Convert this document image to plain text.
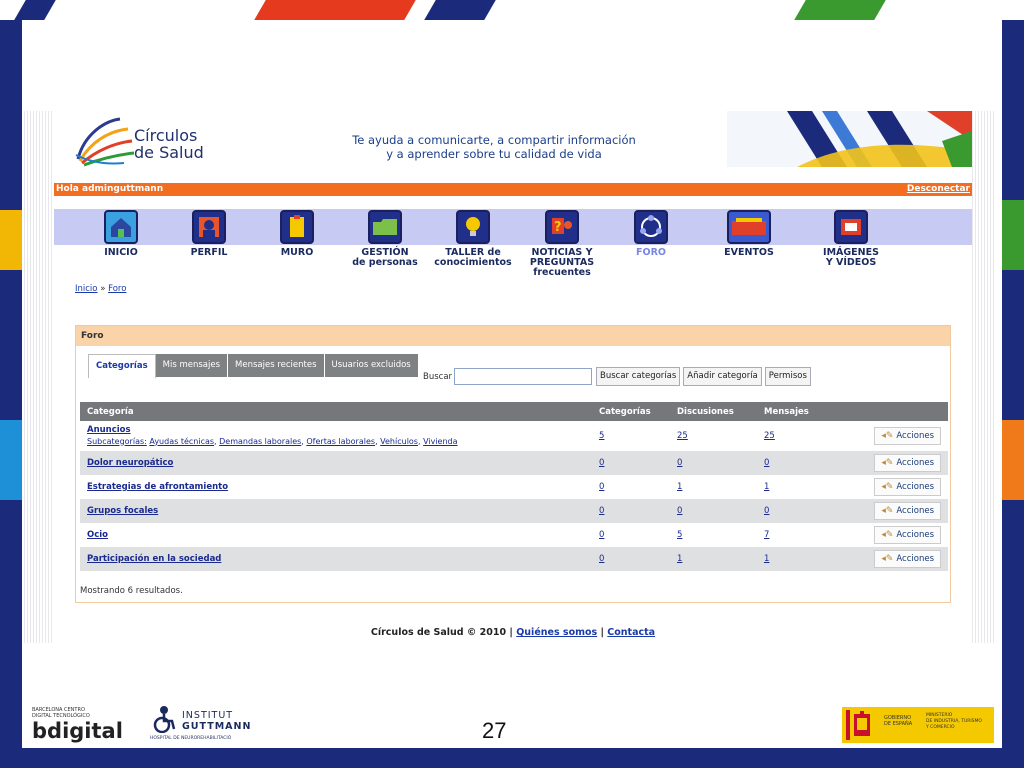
Círculos
de Salud
Te ayuda a comunicarte, a compartir información
y a aprender sobre tu calidad de vida
Hola adminguttmann	Desconectar
INICIO	PERFIL	MURO	GESTIÓN
de personas
TALLER de
conocimientos
?
NOTICIAS Y
PREGUNTAS
frecuentes
FORO	EVENTOS	IMÁGENES
Y VÍDEOS
Inicio » Foro
Foro
Categorías	Mis mensajes	Mensajes recientes	Usuarios excluidos
Buscar	Buscar categorías	Añadir categoría	Permisos
Categoría	Categorías	Discusiones	Mensajes	
Anuncios
Subcategorías: Ayudas técnicas, Demandas laborales, Ofertas laborales, Vehículos, Vivienda	5	25	25	◂✎ Acciones

Dolor neuropático	0	0	0	◂✎ Acciones

Estrategias de afrontamiento	0	1	1	◂✎ Acciones

Grupos focales	0	0	0	◂✎ Acciones

Ocio	0	5	7	◂✎ Acciones

Participación en la sociedad	0	1	1	◂✎ Acciones
Mostrando 6 resultados.
Círculos de Salud © 2010 | Quiénes somos | Contacta
BARCELONA CENTRO
DIGITAL TECNOLÓGICO
bdigital
INSTITUT
GUTTMANN
HOSPITAL DE NEUROREHABILITACIÓ	27	GOBIERNO
DE ESPAÑA
MINISTERIO
DE INDUSTRIA, TURISMO
Y COMERCIO
